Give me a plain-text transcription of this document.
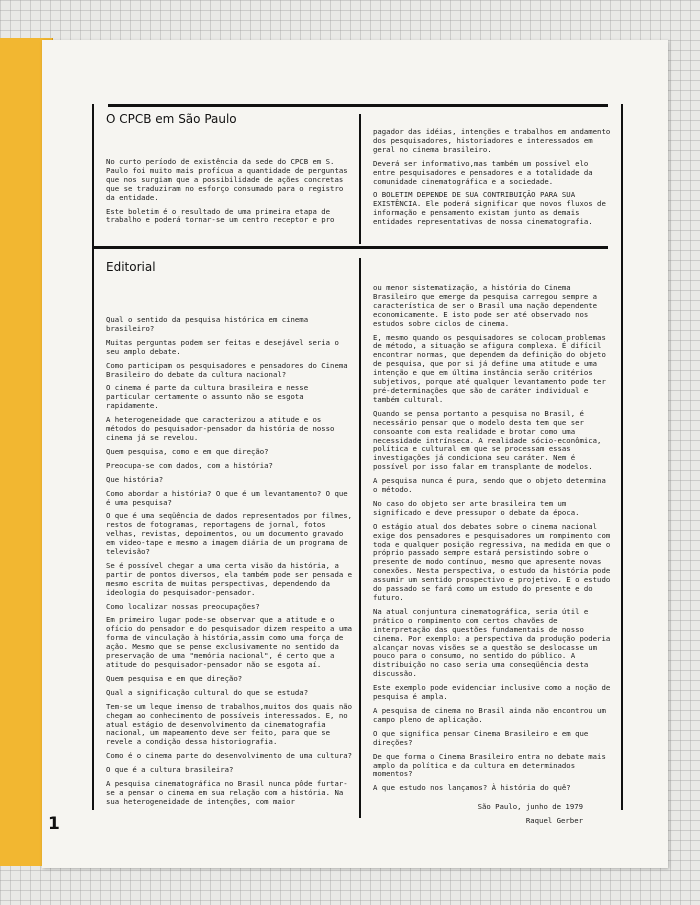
O CPCB em São Paulo

No curto período de existência da sede do CPCB em S. Paulo foi muito mais profícua a quantidade de perguntas que nos surgiam que a possibilidade de ações concretas que se traduziram no esforço consumado para o registro da entidade.

Este boletim é o resultado de uma primeira etapa de trabalho e poderá tornar-se um centro receptor e pro

pagador das idéias, intenções e trabalhos em andamento dos pesquisadores, historiadores e interessados em geral no cinema brasileiro.

Deverá ser informativo,mas também um possível elo entre pesquisadores e pensadores e a totalidade da comunidade cinematográfica e a sociedade.

O BOLETIM DEPENDE DE SUA CONTRIBUIÇÃO PARA SUA EXISTÊNCIA. Ele poderá significar que novos fluxos de informação e pensamento existam junto as demais entidades representativas de nossa cinematografia.

Editorial

Qual o sentido da pesquisa histórica em cinema brasileiro?

Muitas perguntas podem ser feitas e desejável seria o seu amplo debate.

Como participam os pesquisadores e pensadores do Cinema Brasileiro do debate da cultura nacional?

O cinema é parte da cultura brasileira e nesse particular certamente o assunto não se esgota rapidamente.

A heterogeneidade que caracterizou a atitude e os métodos do pesquisador-pensador da história de nosso cinema já se revelou.

Quem pesquisa, como e em que direção?

Preocupa-se com dados, com a história?

Que história?

Como abordar a história? O que é um levantamento? O que é uma pesquisa?

O que é uma seqüência de dados representados por filmes, restos de fotogramas, reportagens de jornal, fotos velhas, revistas, depoimentos, ou um documento gravado em video-tape e mesmo a imagem diária de um programa de televisão?

Se é possível chegar a uma certa visão da história, a partir de pontos diversos, ela também pode ser pensada e mesmo escrita de muitas perspectivas, dependendo da ideologia do pesquisador-pensador.

Como localizar nossas preocupações?

Em primeiro lugar pode-se observar que a atitude e o ofício do pensador e do pesquisador dizem respeito a uma forma de vinculação à história,assim como uma força de ação. Mesmo que se pense exclusivamente no sentido da preservação de uma "memória nacional", é certo que a atitude do pesquisador-pensador não se esgota aí.

Quem pesquisa e em que direção?

Qual a significação cultural do que se estuda?

Tem-se um leque imenso de trabalhos,muitos dos quais não chegam ao conhecimento de possíveis interessados. E, no atual estágio de desenvolvimento da cinematografia nacional, um mapeamento deve ser feito, para que se revele a condição dessa historiografia.

Como é o cinema parte do desenvolvimento de uma cultura?

O que é a cultura brasileira?

A pesquisa cinematográfica no Brasil nunca pôde furtar-se a pensar o cinema em sua relação com a história. Na sua heterogeneidade de intenções, com maior

ou menor sistematização, a história do Cinema Brasileiro que emerge da pesquisa carregou sempre a característica de ser o Brasil uma nação dependente economicamente. E isto pode ser até observado nos estudos sobre ciclos de cinema.

E, mesmo quando os pesquisadores se colocam problemas de método, a situação se afigura complexa. É difícil encontrar normas, que dependem da definição do objeto de pesquisa, que por si já define uma atitude e uma intenção e que em última instância serão critérios subjetivos, porque até qualquer levantamento pode ter pré-determinações que são de caráter individual e também cultural.

Quando se pensa portanto a pesquisa no Brasil, é necessário pensar que o modelo desta tem que ser consoante com esta realidade e brotar como uma necessidade intrínseca. A realidade sócio-econômica, política e cultural em que se processam essas investigações já condiciona seu caráter. Nem é possível por isso falar em transplante de modelos.

A pesquisa nunca é pura, sendo que o objeto determina o método.

No caso do objeto ser arte brasileira tem um significado e deve pressupor o debate da época.

O estágio atual dos debates sobre o cinema nacional exige dos pensadores e pesquisadores um rompimento com toda e qualquer posição regressiva, na medida em que o próprio passado sempre estará persistindo sobre o presente de modo contínuo, mesmo que apresente novas conexões. Nesta perspectiva, o estudo da história pode assumir um sentido prospectivo e projetivo. E o estudo do passado se fará como um estudo do presente e do futuro.

Na atual conjuntura cinematográfica, seria útil e prático o rompimento com certos chavões de interpretação das questões fundamentais de nosso cinema. Por exemplo: a perspectiva da produção poderia alcançar novas visões se a questão se deslocasse um pouco para o consumo, no sentido do público. A distribuição no caso seria uma conseqüência desta discussão.

Este exemplo pode evidenciar inclusive como a noção de pesquisa é ampla.

A pesquisa de cinema no Brasil ainda não encontrou um campo pleno de aplicação.

O que significa pensar Cinema Brasileiro e em que direções?

De que forma o Cinema Brasileiro entra no debate mais amplo da política e da cultura em determinados momentos?

A que estudo nos lançamos? À história do quê?

São Paulo, junho de 1979

Raquel Gerber

1
